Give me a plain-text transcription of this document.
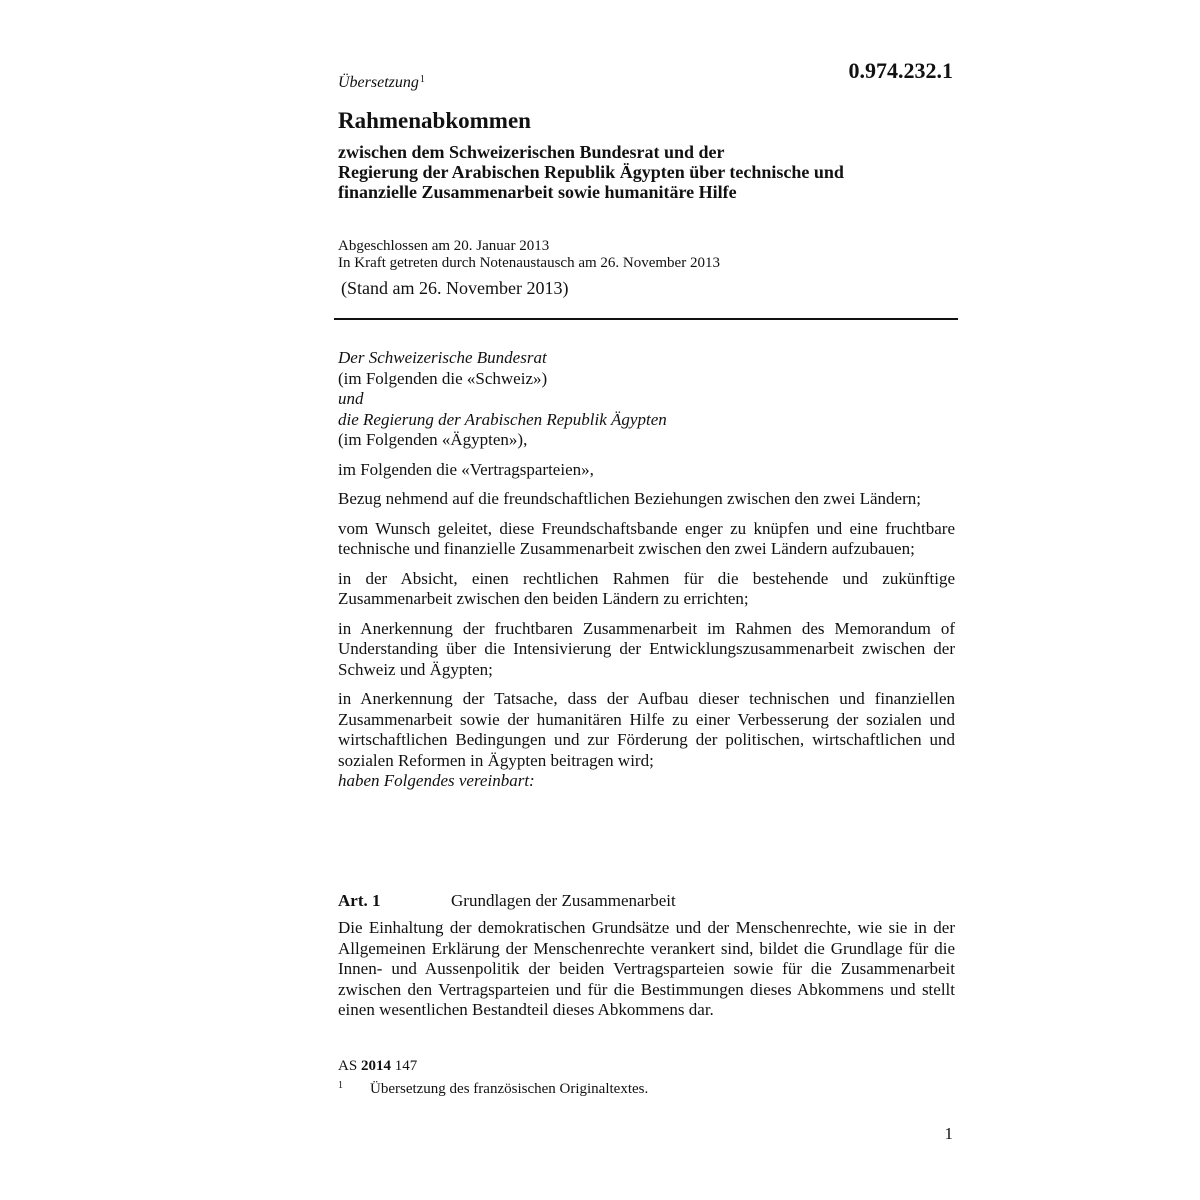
0.974.232.1
Übersetzung$^1$
Rahmenabkommen
zwischen dem Schweizerischen Bundesrat und der
Regierung der Arabischen Republik Ägypten über technische und
finanzielle Zusammenarbeit sowie humanitäre Hilfe
Abgeschlossen am 20. Januar 2013
In Kraft getreten durch Notenaustausch am 26. November 2013
(Stand am 26. November 2013)
Der Schweizerische Bundesrat
(im Folgenden die «Schweiz»)
und
die Regierung der Arabischen Republik Ägypten
(im Folgenden «Ägypten»),
im Folgenden die «Vertragsparteien»,
Bezug nehmend auf die freundschaftlichen Beziehungen zwischen den zwei Ländern;
vom Wunsch geleitet, diese Freundschaftsbande enger zu knüpfen und eine fruchtbare technische und finanzielle Zusammenarbeit zwischen den zwei Ländern aufzubauen;
in der Absicht, einen rechtlichen Rahmen für die bestehende und zukünftige Zusammenarbeit zwischen den beiden Ländern zu errichten;
in Anerkennung der fruchtbaren Zusammenarbeit im Rahmen des Memorandum of Understanding über die Intensivierung der Entwicklungszusammenarbeit zwischen der Schweiz und Ägypten;
in Anerkennung der Tatsache, dass der Aufbau dieser technischen und finanziellen Zusammenarbeit sowie der humanitären Hilfe zu einer Verbesserung der sozialen und wirtschaftlichen Bedingungen und zur Förderung der politischen, wirtschaftlichen und sozialen Reformen in Ägypten beitragen wird;
haben Folgendes vereinbart:
Art. 1	Grundlagen der Zusammenarbeit
Die Einhaltung der demokratischen Grundsätze und der Menschenrechte, wie sie in der Allgemeinen Erklärung der Menschenrechte verankert sind, bildet die Grundlage für die Innen- und Aussenpolitik der beiden Vertragsparteien sowie für die Zusammenarbeit zwischen den Vertragsparteien und für die Bestimmungen dieses Abkommens und stellt einen wesentlichen Bestandteil dieses Abkommens dar.
AS 2014 147
1 Übersetzung des französischen Originaltextes.
1
